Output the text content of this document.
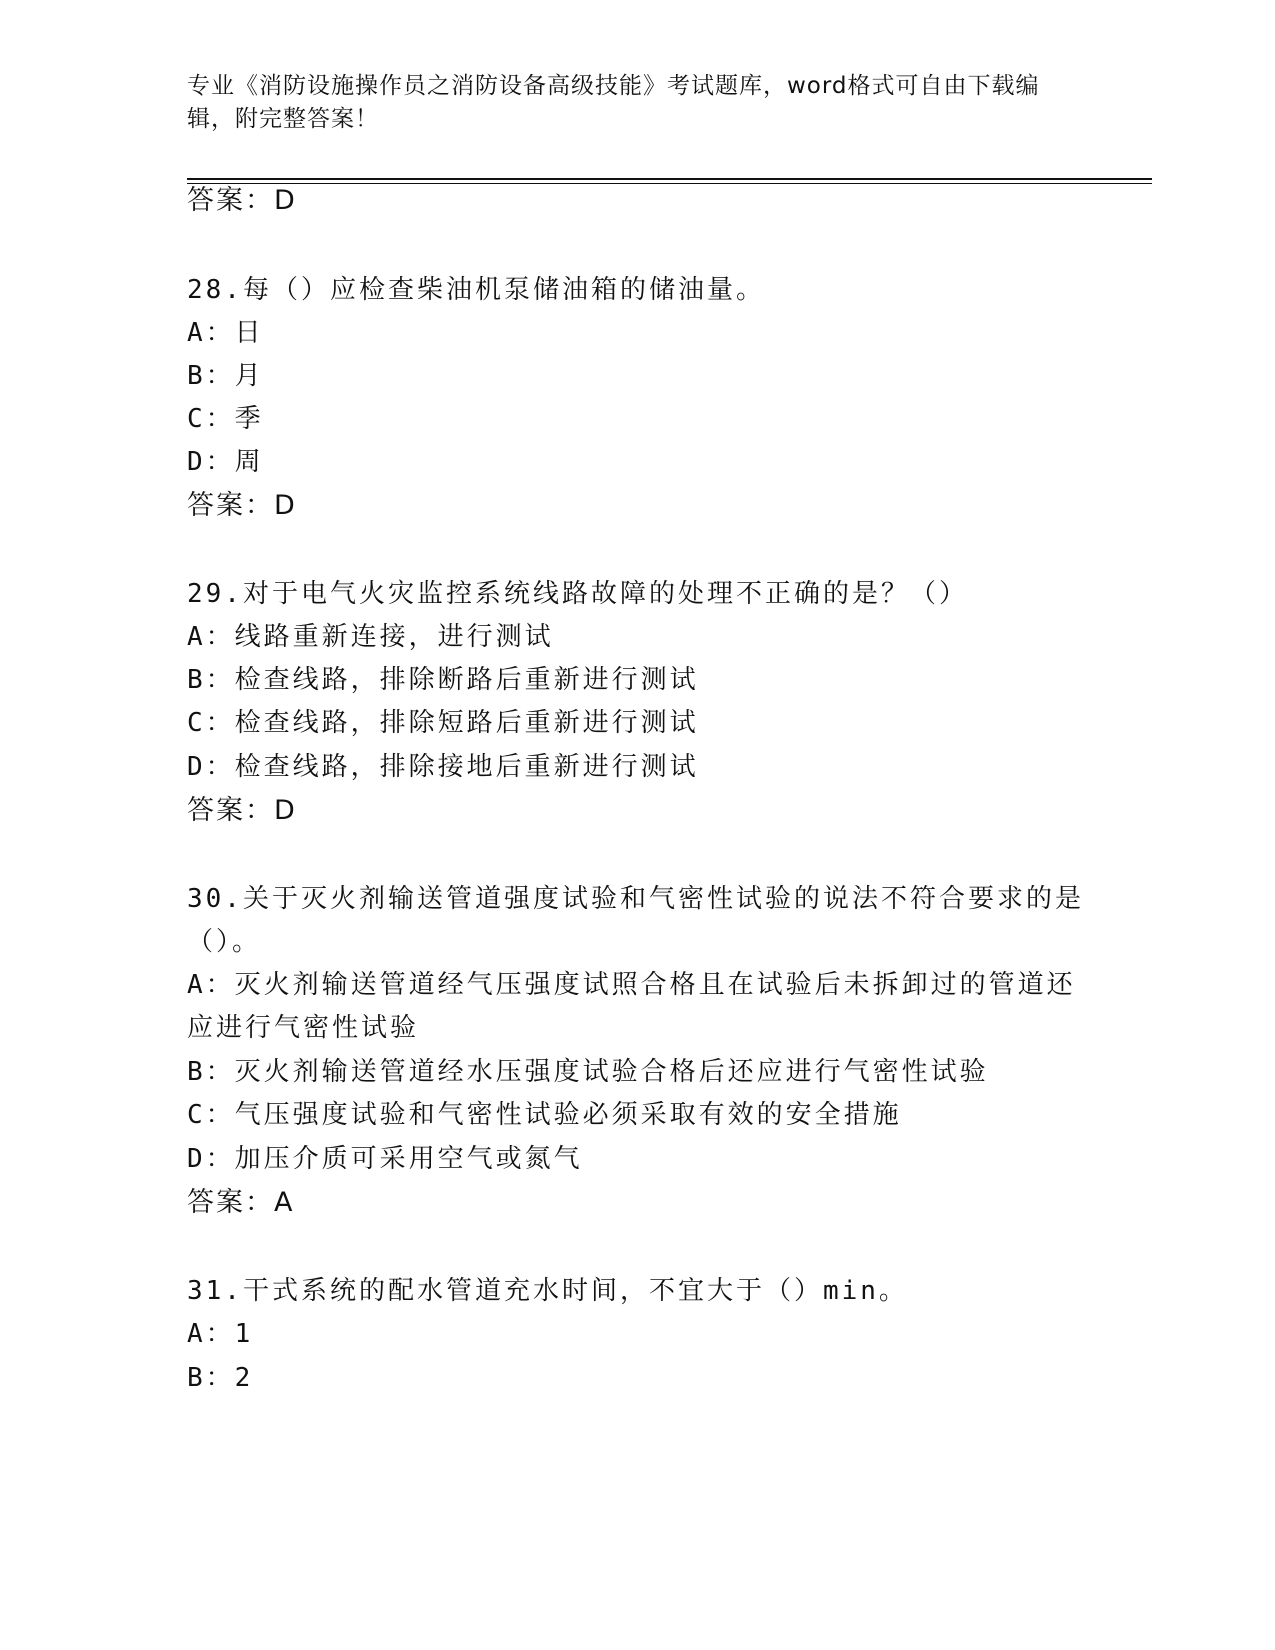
专业《消防设施操作员之消防设备高级技能》考试题库，word格式可自由下载编辑，附完整答案！
答案：D
28.每（）应检查柴油机泵储油箱的储油量。
A：日
B：月
C：季
D：周
答案：D
29.对于电气火灾监控系统线路故障的处理不正确的是？（）
A：线路重新连接，进行测试
B：检查线路，排除断路后重新进行测试
C：检查线路，排除短路后重新进行测试
D：检查线路，排除接地后重新进行测试
答案：D
30.关于灭火剂输送管道强度试验和气密性试验的说法不符合要求的是
（）。
A：灭火剂输送管道经气压强度试照合格且在试验后未拆卸过的管道还
应进行气密性试验
B：灭火剂输送管道经水压强度试验合格后还应进行气密性试验
C：气压强度试验和气密性试验必须采取有效的安全措施
D：加压介质可采用空气或氮气
答案：A
31.干式系统的配水管道充水时间，不宜大于（）min。
A：1
B：2
